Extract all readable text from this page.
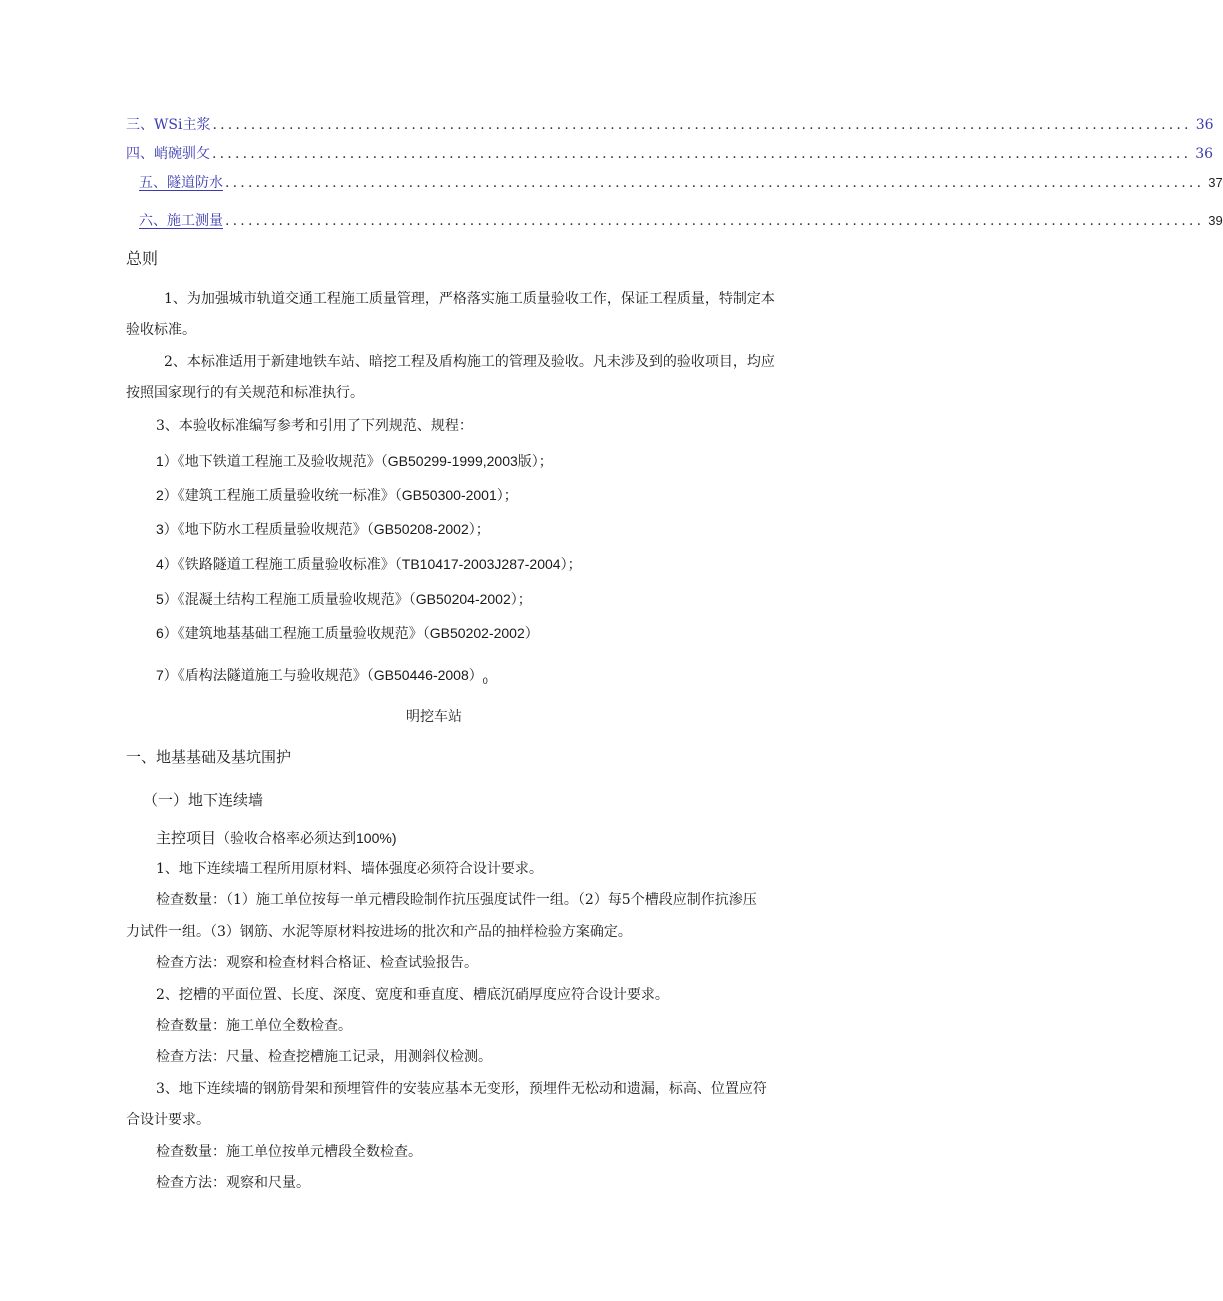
三、WSi主浆 ................................................................................................................................ 36
四、峭碗驯攵 ................................................................................................................................ 36
五、隧道防水 ................................................................................................................................ 37
六、施工测量 ................................................................................................................................ 39
总则
1、为加强城市轨道交通工程施工质量管理，严格落实施工质量验收工作，保证工程质量，特制定本
验收标准。
2、本标准适用于新建地铁车站、暗挖工程及盾构施工的管理及验收。凡未涉及到的验收项目，均应
按照国家现行的有关规范和标准执行。
3、本验收标准编写参考和引用了下列规范、规程：
1）《地下铁道工程施工及验收规范》（GB50299-1999,2003版）；
2）《建筑工程施工质量验收统一标准》（GB50300-2001）；
3）《地下防水工程质量验收规范》（GB50208-2002）；
4）《铁路隧道工程施工质量验收标准》（TB10417-2003J287-2004）；
5）《混凝土结构工程施工质量验收规范》（GB50204-2002）；
6）《建筑地基基础工程施工质量验收规范》（GB50202-2002）
7）《盾构法隧道施工与验收规范》$(GB50446-2008)_0$
明挖车站
一、地基基础及基坑围护
（一）地下连续墙
主控项目（验收合格率必须达到100%)
1、地下连续墙工程所用原材料、墙体强度必须符合设计要求。
检查数量：（1）施工单位按每一单元槽段睑制作抗压强度试件一组。（2）每5个槽段应制作抗渗压
力试件一组。（3）钢筋、水泥等原材料按进场的批次和产品的抽样检验方案确定。
检查方法：观察和检查材料合格证、检查试验报告。
2、挖槽的平面位置、长度、深度、宽度和垂直度、槽底沉硝厚度应符合设计要求。
检查数量：施工单位全数检查。
检查方法：尺量、检查挖槽施工记录，用测斜仪检测。
3、地下连续墙的钢筋骨架和预埋管件的安装应基本无变形，预埋件无松动和遗漏，标高、位置应符
合设计要求。
检查数量：施工单位按单元槽段全数检查。
检查方法：观察和尺量。
